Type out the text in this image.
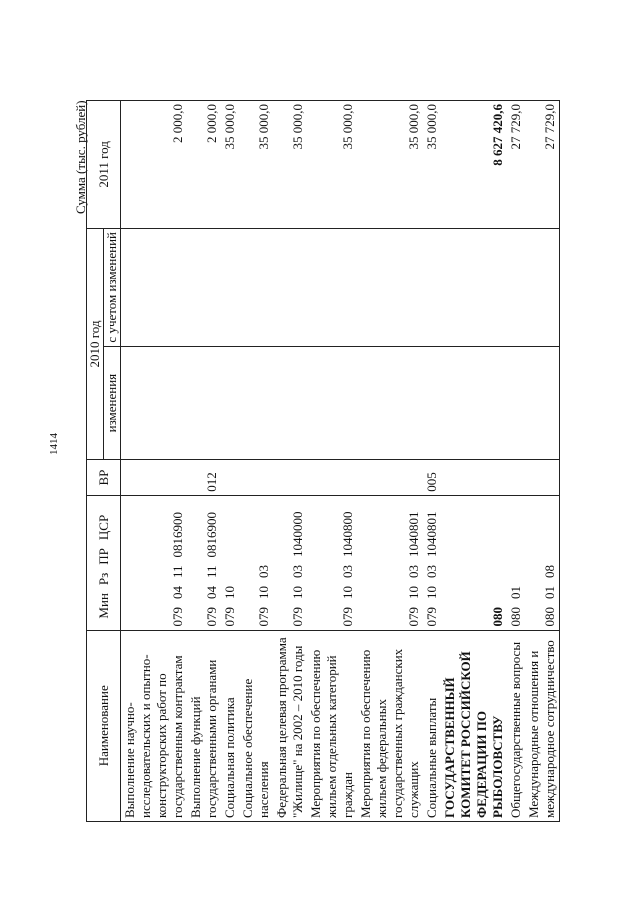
1414
Сумма (тыс. рублей)
Наименование	МинРзПРЦСР	ВР	2010 год		2011 год
			изменения	с учетом изменений	
Выполнение научно-исследовательских и опытно-конструкторских работ по государственным контрактам	07904110816900				2 000,0
Выполнение функций государственными органами	07904110816900	012			2 000,0
Социальная политика	07910				35 000,0
Социальное обеспечение населения	0791003				35 000,0
Федеральная целевая программа "Жилище" на 2002 – 2010 годы	07910031040000				35 000,0
Мероприятия по обеспечению жильем отдельных категорий граждан	07910031040800				35 000,0
Мероприятия по обеспечению жильем федеральных государственных гражданских служащих	07910031040801				35 000,0
Социальные выплаты	07910031040801	005			35 000,0
ГОСУДАРСТВЕННЫЙ КОМИТЕТ РОССИЙСКОЙ ФЕДЕРАЦИИ ПО РЫБОЛОВСТВУ	080				8 627 420,6
Общегосударственные вопросы	08001				27 729,0
Международные отношения и международное сотрудничество	0800108				27 729,0
